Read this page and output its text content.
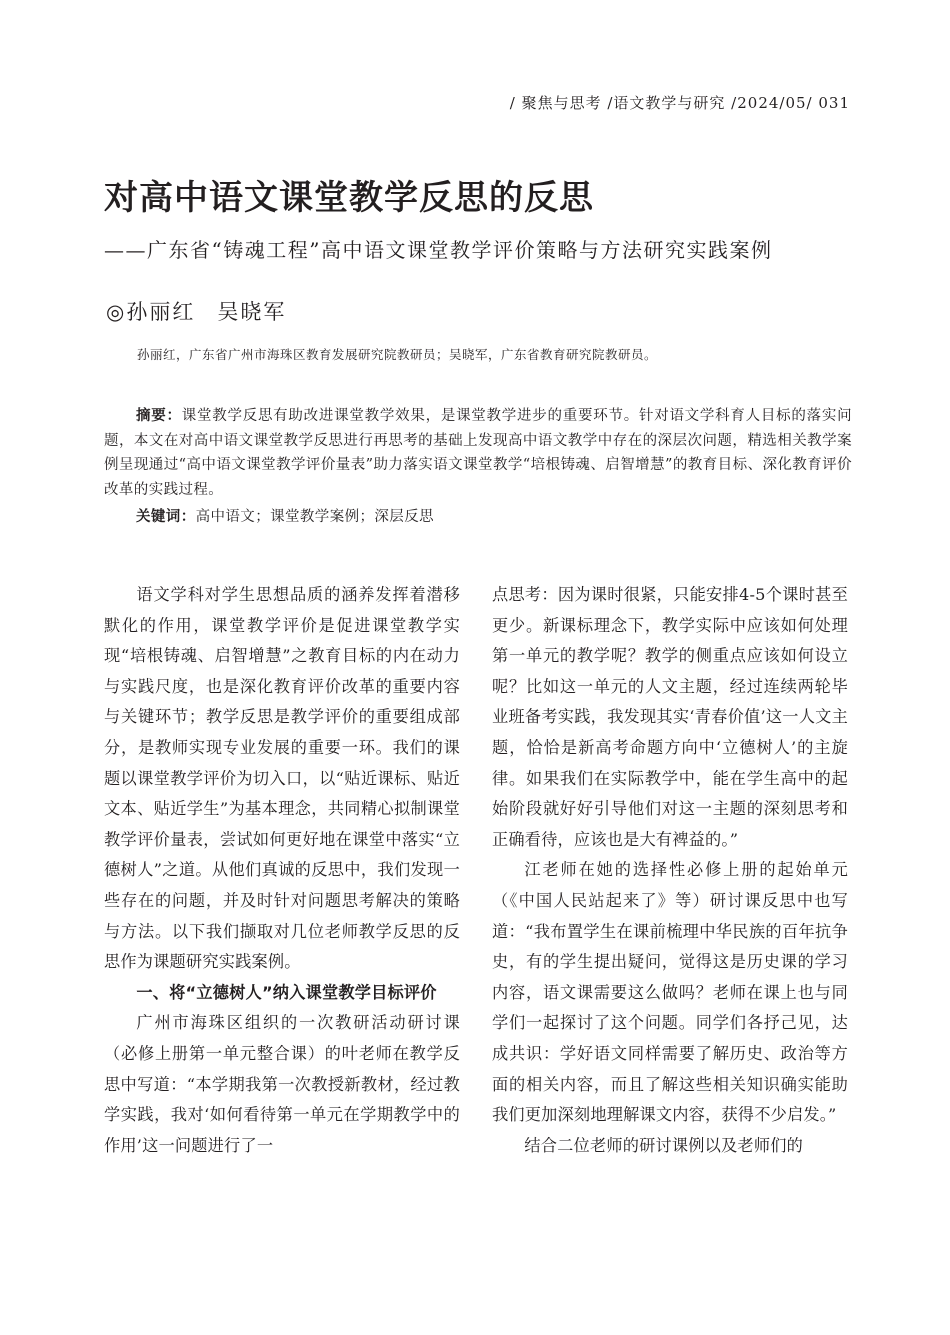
/ 聚焦与思考 /语文教学与研究 /2024/05/ 031
对高中语文课堂教学反思的反思
——广东省“铸魂工程”高中语文课堂教学评价策略与方法研究实践案例
◎孙丽红 吴晓军
孙丽红，广东省广州市海珠区教育发展研究院教研员；吴晓军，广东省教育研究院教研员。
摘要：课堂教学反思有助改进课堂教学效果，是课堂教学进步的重要环节。针对语文学科育人目标的落实问题，本文在对高中语文课堂教学反思进行再思考的基础上发现高中语文教学中存在的深层次问题，精选相关教学案例呈现通过“高中语文课堂教学评价量表”助力落实语文课堂教学“培根铸魂、启智增慧”的教育目标、深化教育评价改革的实践过程。
关键词：高中语文；课堂教学案例；深层反思

语文学科对学生思想品质的涵养发挥着潜移默化的作用，课堂教学评价是促进课堂教学实现“培根铸魂、启智增慧”之教育目标的内在动力与实践尺度，也是深化教育评价改革的重要内容与关键环节；教学反思是教学评价的重要组成部分，是教师实现专业发展的重要一环。我们的课题以课堂教学评价为切入口，以“贴近课标、贴近文本、贴近学生”为基本理念，共同精心拟制课堂教学评价量表，尝试如何更好地在课堂中落实“立德树人”之道。从他们真诚的反思中，我们发现一些存在的问题，并及时针对问题思考解决的策略与方法。以下我们撷取对几位老师教学反思的反思作为课题研究实践案例。

一、将“立德树人”纳入课堂教学目标评价

广州市海珠区组织的一次教研活动研讨课（必修上册第一单元整合课）的叶老师在教学反思中写道：“本学期我第一次教授新教材，经过教学实践，我对‘如何看待第一单元在学期教学中的作用’这一问题进行了一

点思考：因为课时很紧，只能安排4-5个课时甚至更少。新课标理念下，教学实际中应该如何处理第一单元的教学呢？教学的侧重点应该如何设立呢？比如这一单元的人文主题，经过连续两轮毕业班备考实践，我发现其实‘青春价值’这一人文主题，恰恰是新高考命题方向中‘立德树人’的主旋律。如果我们在实际教学中，能在学生高中的起始阶段就好好引导他们对这一主题的深刻思考和正确看待，应该也是大有裨益的。”

江老师在她的选择性必修上册的起始单元（《中国人民站起来了》等）研讨课反思中也写道：“我布置学生在课前梳理中华民族的百年抗争史，有的学生提出疑问，觉得这是历史课的学习内容，语文课需要这么做吗？老师在课上也与同学们一起探讨了这个问题。同学们各抒己见，达成共识：学好语文同样需要了解历史、政治等方面的相关内容，而且了解这些相关知识确实能助我们更加深刻地理解课文内容，获得不少启发。”

结合二位老师的研讨课例以及老师们的
